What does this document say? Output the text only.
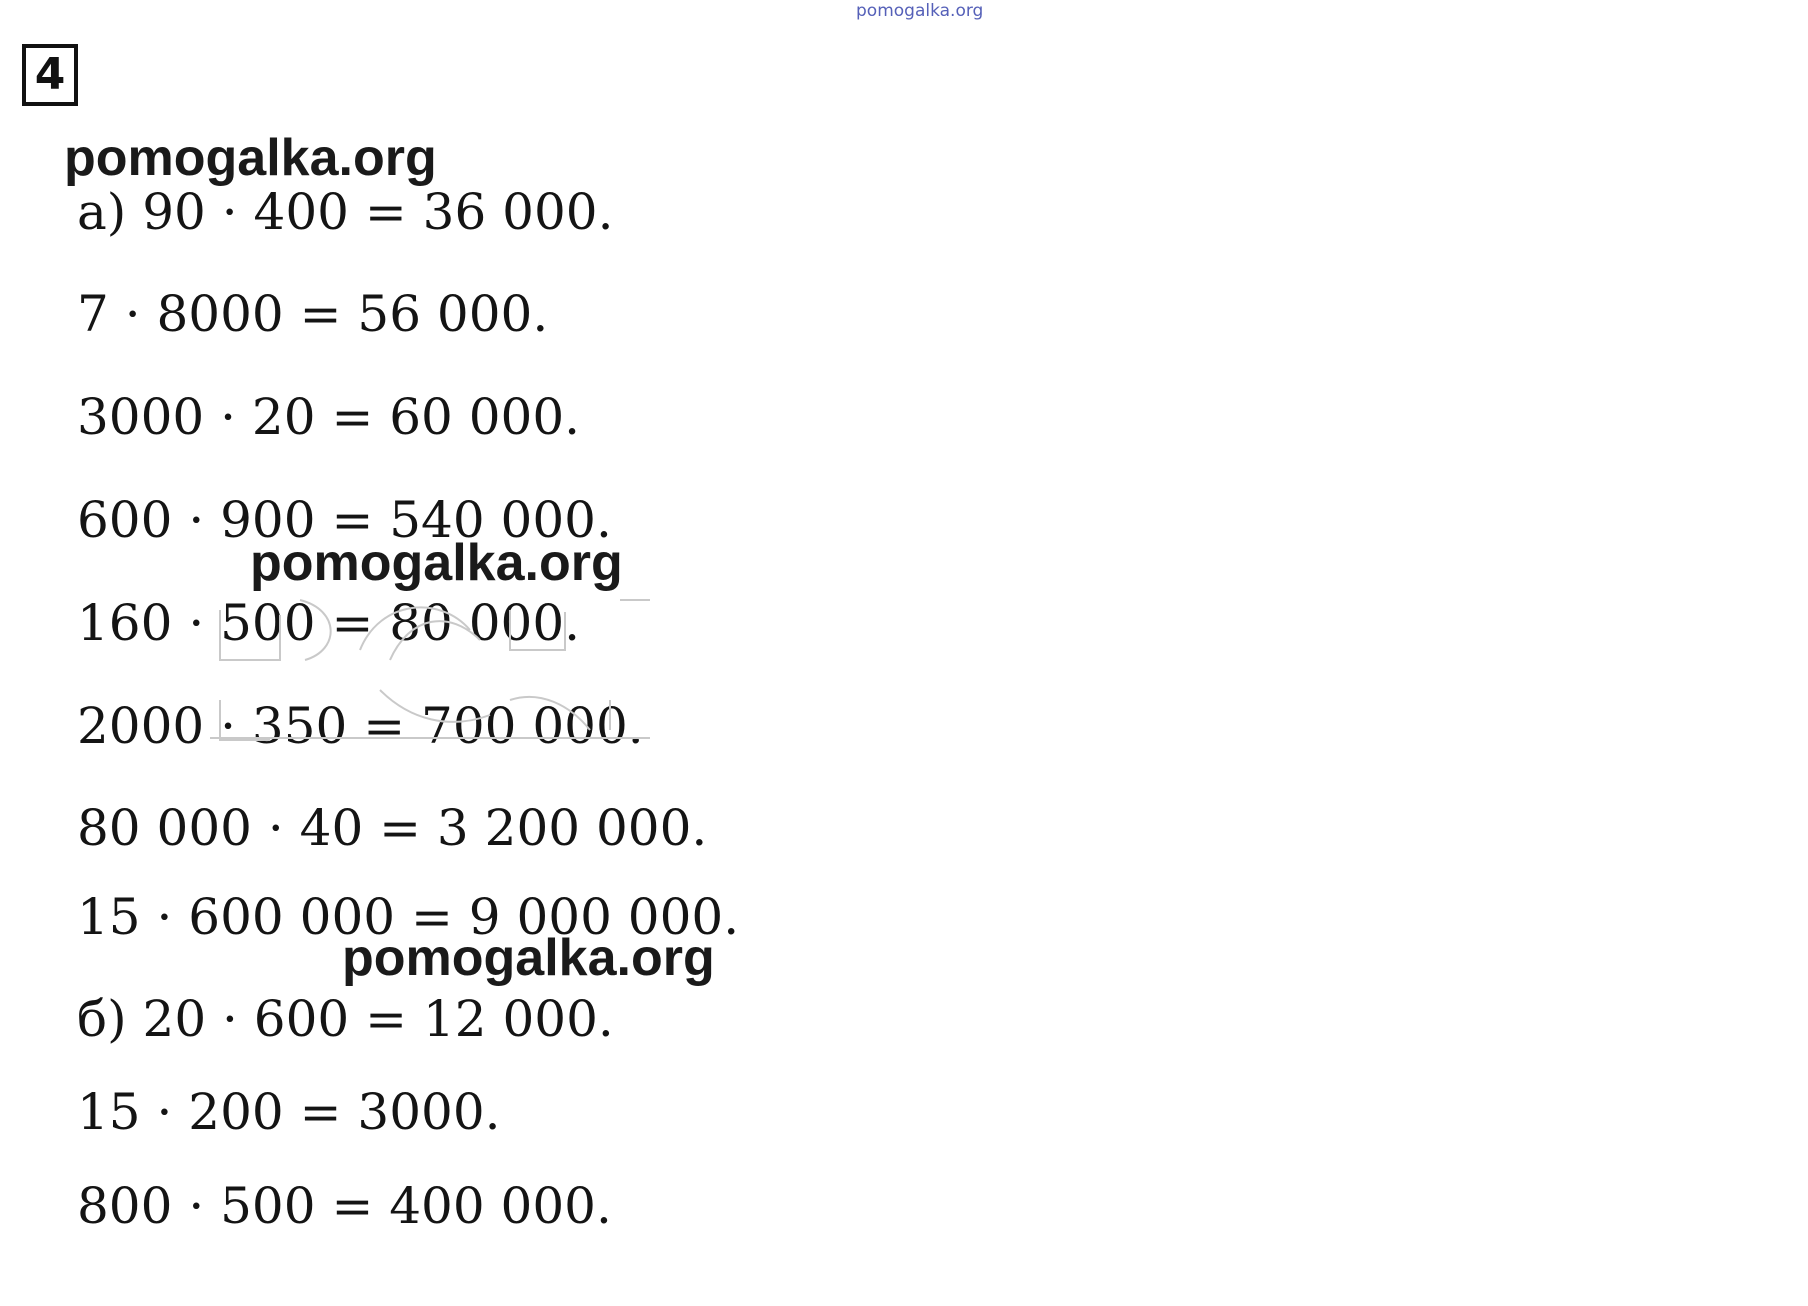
pomogalka.org
4
pomogalka.org
а) 90 · 400 = 36 000.
7 · 8000 = 56 000.
3000 · 20 = 60 000.
600 · 900 = 540 000.
pomogalka.org
160 · 500 = 80 000.
2000 · 350 = 700 000.
80 000 · 40 = 3 200 000.
15 · 600 000 = 9 000 000.
pomogalka.org
б) 20 · 600 = 12 000.
15 · 200 = 3000.
800 · 500 = 400 000.
